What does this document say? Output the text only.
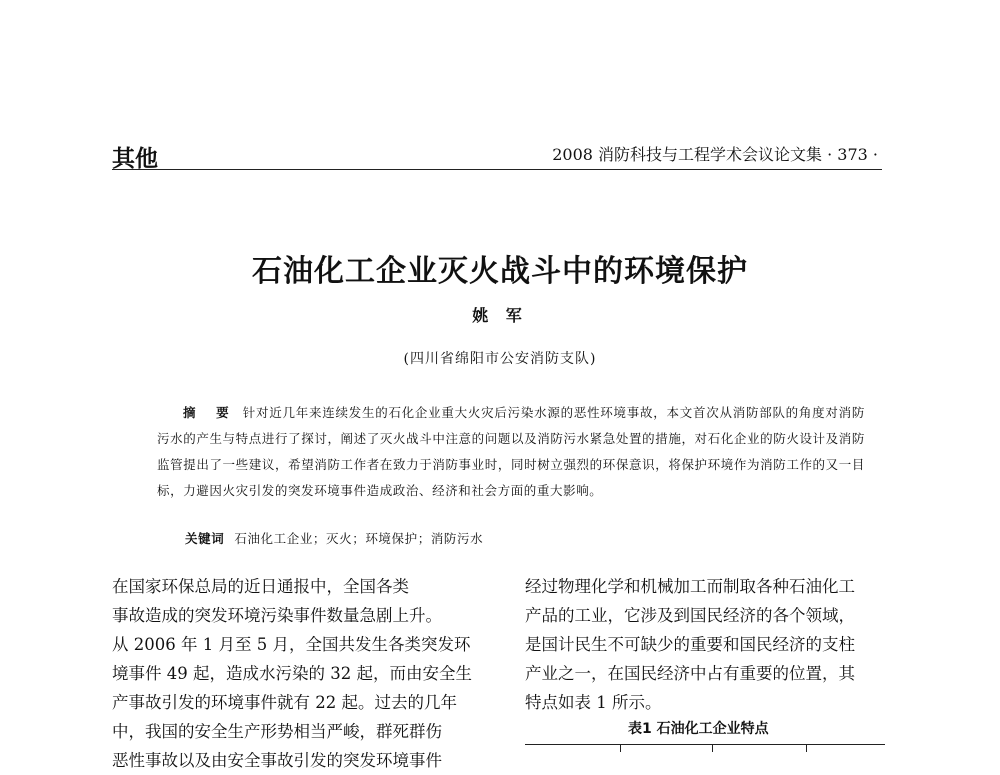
其他	2008 消防科技与工程学术会议论文集 · 373 ·
石油化工企业灭火战斗中的环境保护
姚 军
(四川省绵阳市公安消防支队)
摘 要 针对近几年来连续发生的石化企业重大火灾后污染水源的恶性环境事故，本文首次从消防部队的角度对消防污水的产生与特点进行了探讨，阐述了灭火战斗中注意的问题以及消防污水紧急处置的措施，对石化企业的防火设计及消防监管提出了一些建议，希望消防工作者在致力于消防事业时，同时树立强烈的环保意识，将保护环境作为消防工作的又一目标，力避因火灾引发的突发环境事件造成政治、经济和社会方面的重大影响。
关键词 石油化工企业；灭火；环境保护；消防污水
在国家环保总局的近日通报中，全国各类
事故造成的突发环境污染事件数量急剧上升。
从 2006 年 1 月至 5 月，全国共发生各类突发环
境事件 49 起，造成水污染的 32 起，而由安全生
产事故引发的环境事件就有 22 起。过去的几年
中，我国的安全生产形势相当严峻，群死群伤
恶性事故以及由安全事故引发的突发环境事件
经过物理化学和机械加工而制取各种石油化工
产品的工业，它涉及到国民经济的各个领域，
是国计民生不可缺少的重要和国民经济的支柱
产业之一，在国民经济中占有重要的位置，其
特点如表 1 所示。
表1 石油化工企业特点
